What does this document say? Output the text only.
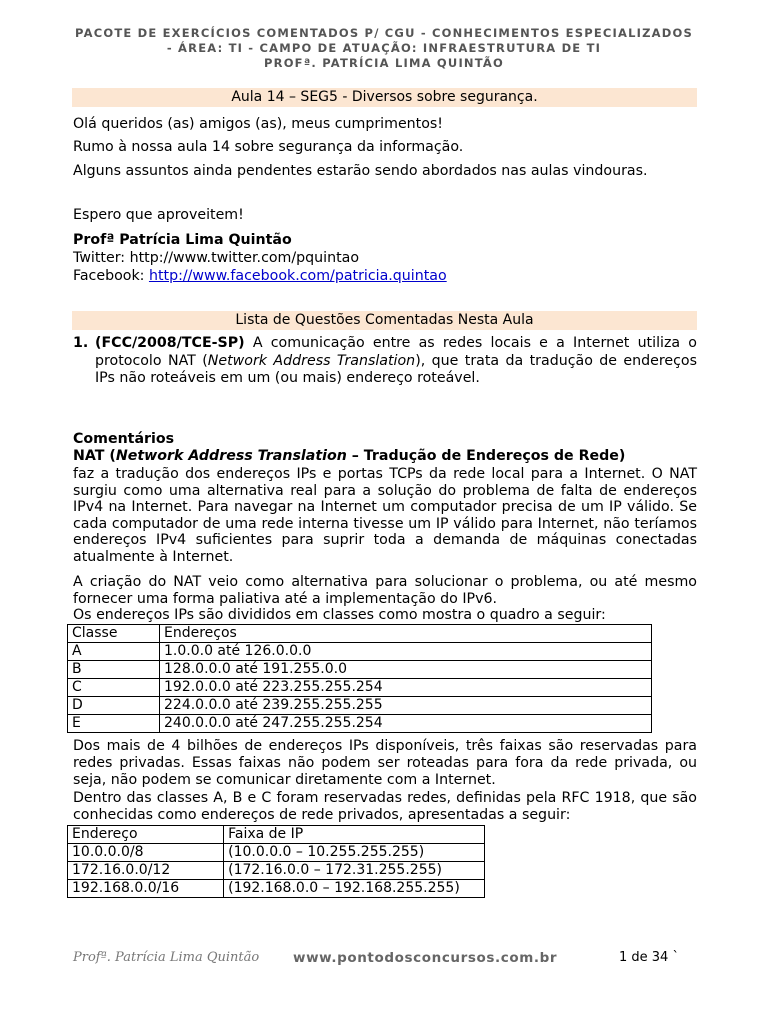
PACOTE DE EXERCÍCIOS COMENTADOS P/ CGU - CONHECIMENTOS ESPECIALIZADOS
- ÁREA: TI - CAMPO DE ATUAÇÃO: INFRAESTRUTURA DE TI
PROFª. PATRÍCIA LIMA QUINTÃO
Aula 14 – SEG5 - Diversos sobre segurança.
Olá queridos (as) amigos (as), meus cumprimentos!
Rumo à nossa aula 14 sobre segurança da informação.
Alguns assuntos ainda pendentes estarão sendo abordados nas aulas vindouras.
Espero que aproveitem!
Profª Patrícia Lima Quintão
Twitter: http://www.twitter.com/pquintao
Facebook: http://www.facebook.com/patricia.quintao
Lista de Questões Comentadas Nesta Aula
1. (FCC/2008/TCE-SP) A comunicação entre as redes locais e a Internet utiliza o protocolo NAT (Network Address Translation), que trata da tradução de endereços IPs não roteáveis em um (ou mais) endereço roteável.
Comentários
NAT (Network Address Translation – Tradução de Endereços de Rede)
faz a tradução dos endereços IPs e portas TCPs da rede local para a Internet. O NAT surgiu como uma alternativa real para a solução do problema de falta de endereços IPv4 na Internet. Para navegar na Internet um computador precisa de um IP válido. Se cada computador de uma rede interna tivesse um IP válido para Internet, não teríamos endereços IPv4 suficientes para suprir toda a demanda de máquinas conectadas atualmente à Internet.
A criação do NAT veio como alternativa para solucionar o problema, ou até mesmo fornecer uma forma paliativa até a implementação do IPv6.
Os endereços IPs são divididos em classes como mostra o quadro a seguir:
Classe	Endereços
A	1.0.0.0 até 126.0.0.0
B	128.0.0.0 até 191.255.0.0
C	192.0.0.0 até 223.255.255.254
D	224.0.0.0 até 239.255.255.255
E	240.0.0.0 até 247.255.255.254
Dos mais de 4 bilhões de endereços IPs disponíveis, três faixas são reservadas para redes privadas. Essas faixas não podem ser roteadas para fora da rede privada, ou seja, não podem se comunicar diretamente com a Internet.
Dentro das classes A, B e C foram reservadas redes, definidas pela RFC 1918, que são conhecidas como endereços de rede privados, apresentadas a seguir:
Endereço	Faixa de IP
10.0.0.0/8	(10.0.0.0 – 10.255.255.255)
172.16.0.0/12	(172.16.0.0 – 172.31.255.255)
192.168.0.0/16	(192.168.0.0 – 192.168.255.255)
Profª. Patrícia Lima Quintão	www.pontodosconcursos.com.br	1 de 34 `
